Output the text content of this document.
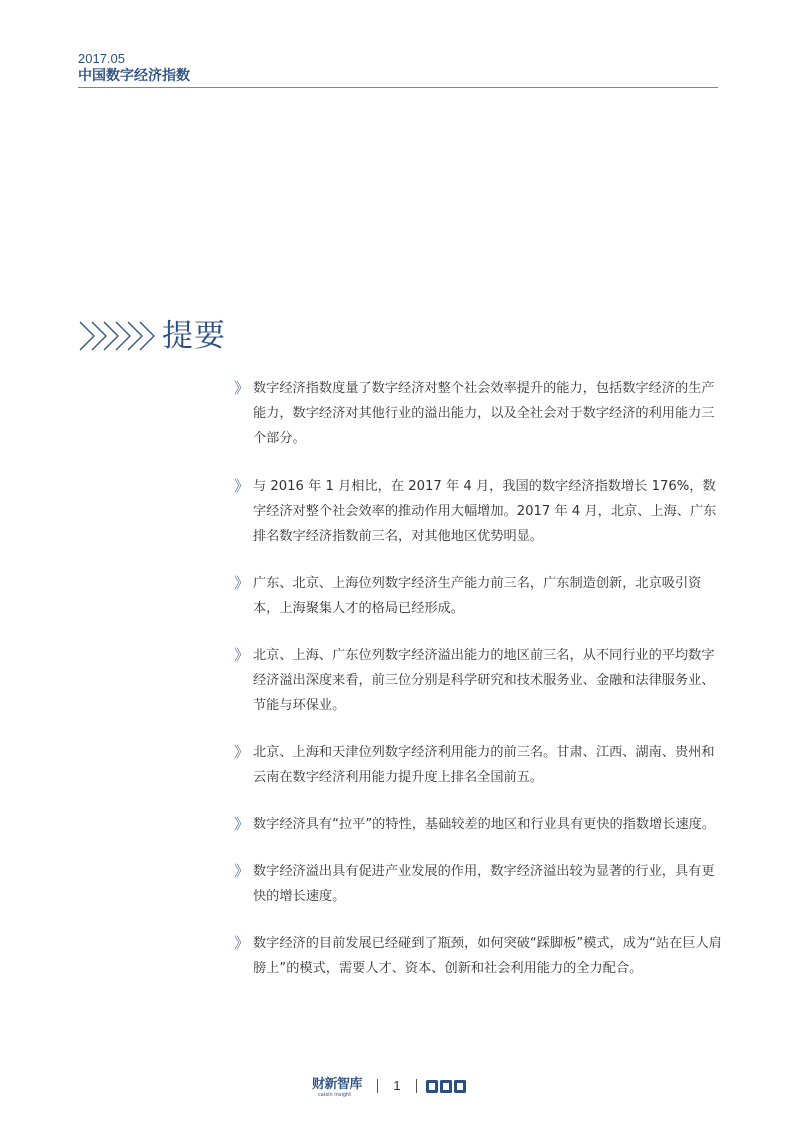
2017.05
中国数字经济指数
提要
》 数字经济指数度量了数字经济对整个社会效率提升的能力，包括数字经济的生产能力，数字经济对其他行业的溢出能力，以及全社会对于数字经济的利用能力三个部分。
》 与 2016 年 1 月相比，在 2017 年 4 月，我国的数字经济指数增长 176%，数字经济对整个社会效率的推动作用大幅增加。2017 年 4 月，北京、上海、广东排名数字经济指数前三名，对其他地区优势明显。
》 广东、北京、上海位列数字经济生产能力前三名，广东制造创新，北京吸引资本，上海聚集人才的格局已经形成。
》 北京、上海、广东位列数字经济溢出能力的地区前三名，从不同行业的平均数字经济溢出深度来看，前三位分别是科学研究和技术服务业、金融和法律服务业、节能与环保业。
》 北京、上海和天津位列数字经济利用能力的前三名。甘肃、江西、湖南、贵州和云南在数字经济利用能力提升度上排名全国前五。
》 数字经济具有“拉平”的特性，基础较差的地区和行业具有更快的指数增长速度。
》 数字经济溢出具有促进产业发展的作用，数字经济溢出较为显著的行业，具有更快的增长速度。
》 数字经济的目前发展已经碰到了瓶颈，如何突破“踩脚板”模式，成为“站在巨人肩膀上”的模式，需要人才、资本、创新和社会利用能力的全力配合。
财新智库
caixin insight
1
